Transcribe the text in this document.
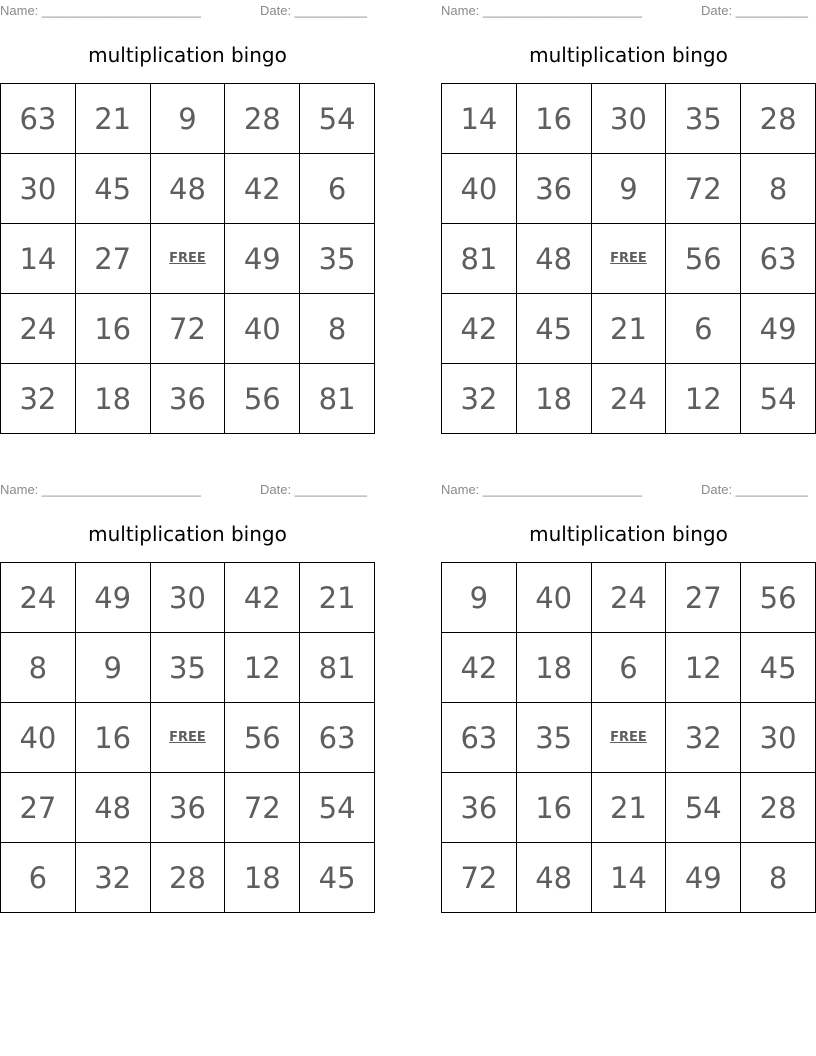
Name: ______________________	Date: __________
multiplication bingo
63	21	9	28	54
30	45	48	42	6
14	27	FREE	49	35
24	16	72	40	8
32	18	36	56	81
Name: ______________________	Date: __________
multiplication bingo
14	16	30	35	28
40	36	9	72	8
81	48	FREE	56	63
42	45	21	6	49
32	18	24	12	54
Name: ______________________	Date: __________
multiplication bingo
24	49	30	42	21
8	9	35	12	81
40	16	FREE	56	63
27	48	36	72	54
6	32	28	18	45
Name: ______________________	Date: __________
multiplication bingo
9	40	24	27	56
42	18	6	12	45
63	35	FREE	32	30
36	16	21	54	28
72	48	14	49	8
